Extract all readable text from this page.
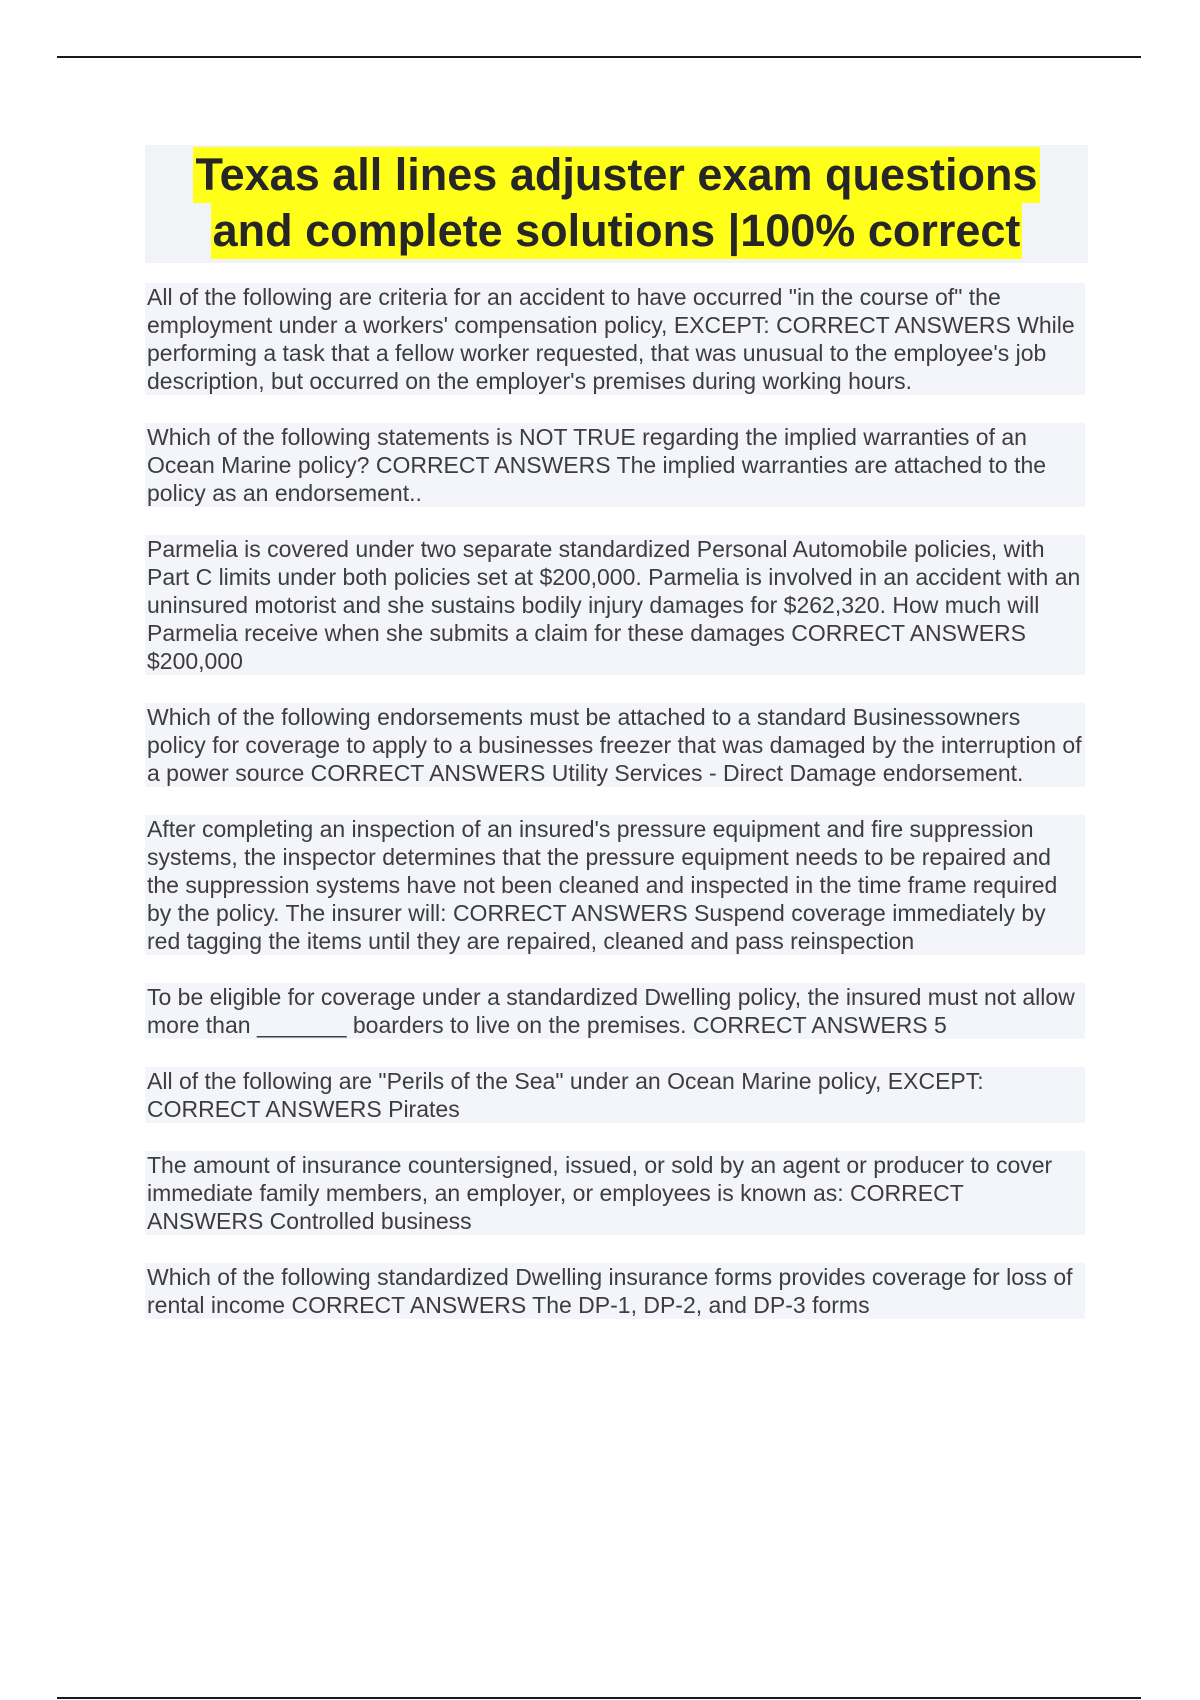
Texas all lines adjuster exam questions
and complete solutions |100% correct

All of the following are criteria for an accident to have occurred "in the course of" the employment under a workers' compensation policy, EXCEPT: CORRECT ANSWERS While performing a task that a fellow worker requested, that was unusual to the employee's job description, but occurred on the employer's premises during working hours.

Which of the following statements is NOT TRUE regarding the implied warranties of an Ocean Marine policy? CORRECT ANSWERS The implied warranties are attached to the policy as an endorsement..

Parmelia is covered under two separate standardized Personal Automobile policies, with Part C limits under both policies set at $200,000. Parmelia is involved in an accident with an uninsured motorist and she sustains bodily injury damages for $262,320. How much will Parmelia receive when she submits a claim for these damages CORRECT ANSWERS $200,000

Which of the following endorsements must be attached to a standard Businessowners policy for coverage to apply to a businesses freezer that was damaged by the interruption of a power source CORRECT ANSWERS Utility Services - Direct Damage endorsement.

After completing an inspection of an insured's pressure equipment and fire suppression systems, the inspector determines that the pressure equipment needs to be repaired and the suppression systems have not been cleaned and inspected in the time frame required by the policy. The insurer will: CORRECT ANSWERS Suspend coverage immediately by red tagging the items until they are repaired, cleaned and pass reinspection

To be eligible for coverage under a standardized Dwelling policy, the insured must not allow more than _______ boarders to live on the premises. CORRECT ANSWERS 5

All of the following are "Perils of the Sea" under an Ocean Marine policy, EXCEPT: CORRECT ANSWERS Pirates

The amount of insurance countersigned, issued, or sold by an agent or producer to cover immediate family members, an employer, or employees is known as: CORRECT ANSWERS Controlled business

Which of the following standardized Dwelling insurance forms provides coverage for loss of rental income CORRECT ANSWERS The DP-1, DP-2, and DP-3 forms
